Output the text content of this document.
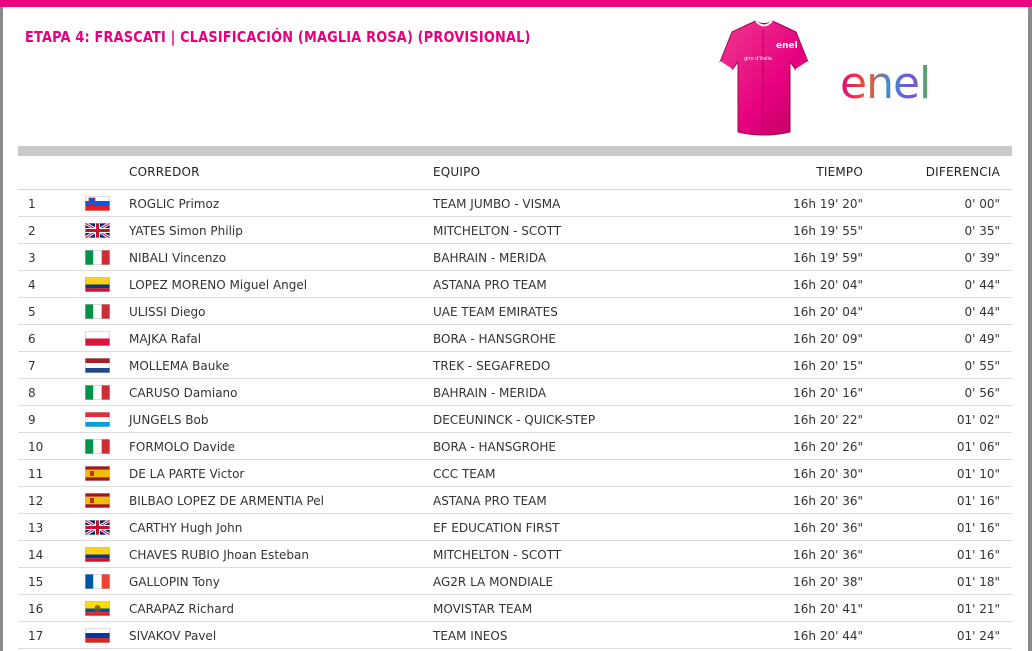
ETAPA 4: FRASCATI | CLASIFICACIÓN (MAGLIA ROSA) (PROVISIONAL)	enel
giro d'italia enel
CORREDOR	EQUIPO	TIEMPO	DIFERENCIA
1	ROGLIC Primoz	TEAM JUMBO - VISMA	16h 19' 20"	0' 00"
2	YATES Simon Philip	MITCHELTON - SCOTT	16h 19' 55"	0' 35"
3	NIBALI Vincenzo	BAHRAIN - MERIDA	16h 19' 59"	0' 39"
4	LOPEZ MORENO Miguel Angel	ASTANA PRO TEAM	16h 20' 04"	0' 44"
5	ULISSI Diego	UAE TEAM EMIRATES	16h 20' 04"	0' 44"
6	MAJKA Rafal	BORA - HANSGROHE	16h 20' 09"	0' 49"
7	MOLLEMA Bauke	TREK - SEGAFREDO	16h 20' 15"	0' 55"
8	CARUSO Damiano	BAHRAIN - MERIDA	16h 20' 16"	0' 56"
9	JUNGELS Bob	DECEUNINCK - QUICK-STEP	16h 20' 22"	01' 02"
10	FORMOLO Davide	BORA - HANSGROHE	16h 20' 26"	01' 06"
11	DE LA PARTE Victor	CCC TEAM	16h 20' 30"	01' 10"
12	BILBAO LOPEZ DE ARMENTIA Pel	ASTANA PRO TEAM	16h 20' 36"	01' 16"
13	CARTHY Hugh John	EF EDUCATION FIRST	16h 20' 36"	01' 16"
14	CHAVES RUBIO Jhoan Esteban	MITCHELTON - SCOTT	16h 20' 36"	01' 16"
15	GALLOPIN Tony	AG2R LA MONDIALE	16h 20' 38"	01' 18"
16	CARAPAZ Richard	MOVISTAR TEAM	16h 20' 41"	01' 21"
17	SIVAKOV Pavel	TEAM INEOS	16h 20' 44"	01' 24"
